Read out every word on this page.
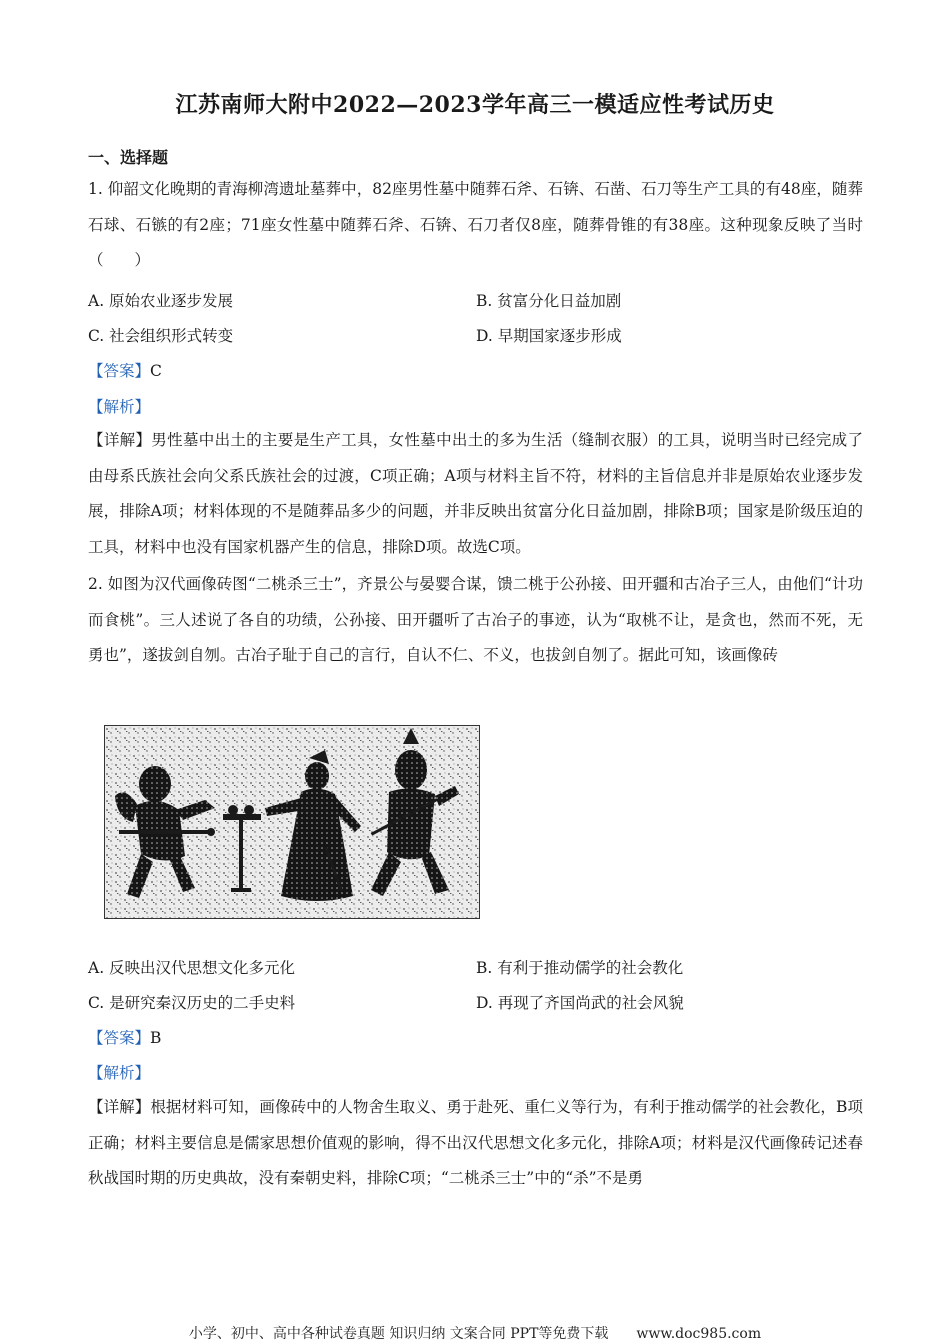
江苏南师大附中2022—2023学年高三一模适应性考试历史
一、选择题

1. 仰韶文化晚期的青海柳湾遗址墓葬中，82座男性墓中随葬石斧、石锛、石凿、石刀等生产工具的有48座，随葬石球、石镞的有2座；71座女性墓中随葬石斧、石锛、石刀者仅8座，随葬骨锥的有38座。这种现象反映了当时（　　）

A. 原始农业逐步发展	B. 贫富分化日益加剧
C. 社会组织形式转变	D. 早期国家逐步形成
【答案】C
【解析】

【详解】男性墓中出土的主要是生产工具，女性墓中出土的多为生活（缝制衣服）的工具，说明当时已经完成了由母系氏族社会向父系氏族社会的过渡，C项正确；A项与材料主旨不符，材料的主旨信息并非是原始农业逐步发展，排除A项；材料体现的不是随葬品多少的问题，并非反映出贫富分化日益加剧，排除B项；国家是阶级压迫的工具，材料中也没有国家机器产生的信息，排除D项。故选C项。

2. 如图为汉代画像砖图“二桃杀三士”，齐景公与晏婴合谋，馈二桃于公孙接、田开疆和古冶子三人，由他们“计功而食桃”。三人述说了各自的功绩，公孙接、田开疆听了古冶子的事迹，认为“取桃不让，是贪也，然而不死，无勇也”，遂拔剑自刎。古冶子耻于自己的言行，自认不仁、不义，也拔剑自刎了。据此可知，该画像砖

A. 反映出汉代思想文化多元化	B. 有利于推动儒学的社会教化
C. 是研究秦汉历史的二手史料	D. 再现了齐国尚武的社会风貌
【答案】B
【解析】

【详解】根据材料可知，画像砖中的人物舍生取义、勇于赴死、重仁义等行为，有利于推动儒学的社会教化，B项正确；材料主要信息是儒家思想价值观的影响，得不出汉代思想文化多元化，排除A项；材料是汉代画像砖记述春秋战国时期的历史典故，没有秦朝史料，排除C项；“二桃杀三士”中的“杀”不是勇

小学、初中、高中各种试卷真题 知识归纳 文案合同 PPT等免费下载　　www.doc985.com
